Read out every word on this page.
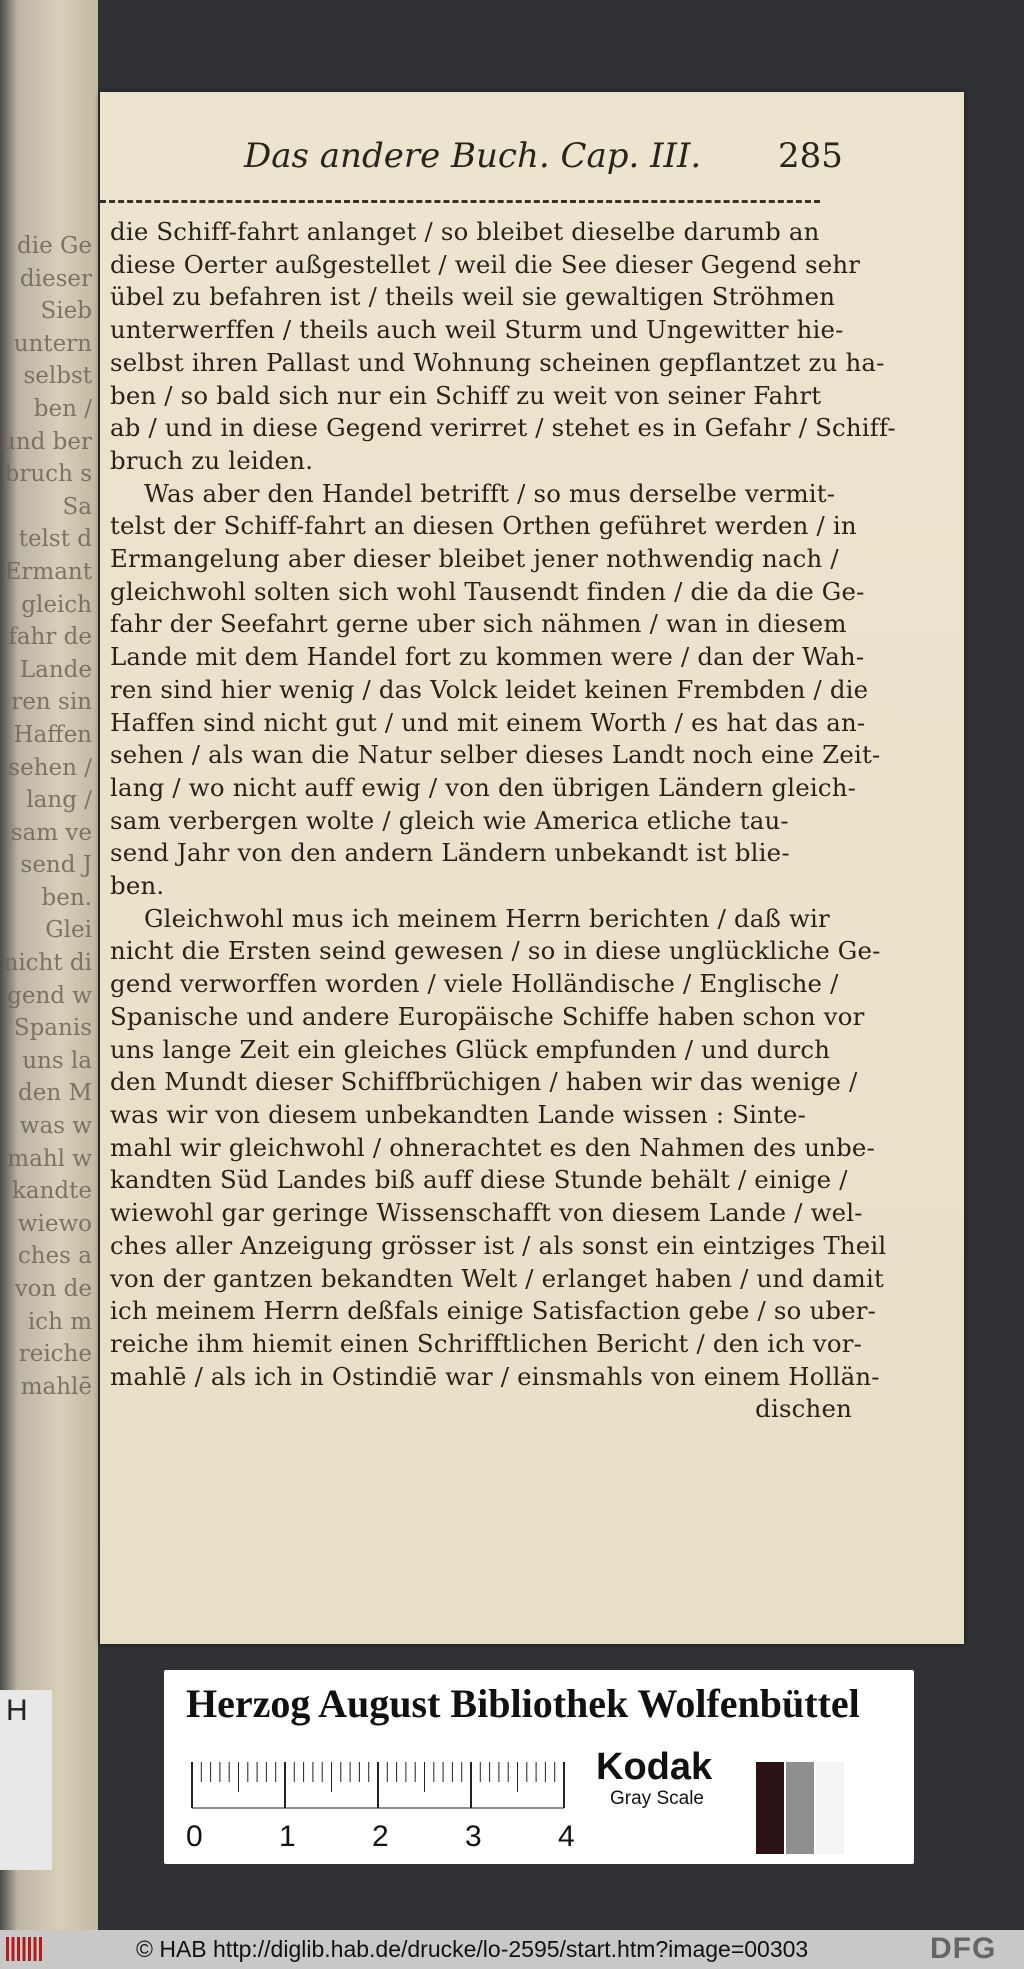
die Ge
dieser
Sieb
untern
selbst
ben /
und ber
bruch s
Sa
telst d
Ermant
gleich
fahr de
Lande
ren sin
Haffen
sehen /
lang /
sam ve
send J
ben.
Glei
nicht di
gend w
Spanis
uns la
den M
was w
mahl w
kandte
wiewo
ches a
von de
ich m
reiche
mahlē
H
Das andere Buch. Cap. III. 285
die Schiff-fahrt anlanget / so bleibet dieselbe darumb an
diese Oerter außgestellet / weil die See dieser Gegend sehr
übel zu befahren ist / theils weil sie gewaltigen Ströhmen
unterwerffen / theils auch weil Sturm und Ungewitter hie-
selbst ihren Pallast und Wohnung scheinen gepflantzet zu ha-
ben / so bald sich nur ein Schiff zu weit von seiner Fahrt
ab / und in diese Gegend verirret / stehet es in Gefahr / Schiff-
bruch zu leiden.
Was aber den Handel betrifft / so mus derselbe vermit-
telst der Schiff-fahrt an diesen Orthen geführet werden / in
Ermangelung aber dieser bleibet jener nothwendig nach /
gleichwohl solten sich wohl Tausendt finden / die da die Ge-
fahr der Seefahrt gerne uber sich nähmen / wan in diesem
Lande mit dem Handel fort zu kommen were / dan der Wah-
ren sind hier wenig / das Volck leidet keinen Frembden / die
Haffen sind nicht gut / und mit einem Worth / es hat das an-
sehen / als wan die Natur selber dieses Landt noch eine Zeit-
lang / wo nicht auff ewig / von den übrigen Ländern gleich-
sam verbergen wolte / gleich wie America etliche tau-
send Jahr von den andern Ländern unbekandt ist blie-
ben.
Gleichwohl mus ich meinem Herrn berichten / daß wir
nicht die Ersten seind gewesen / so in diese unglückliche Ge-
gend verworffen worden / viele Holländische / Englische /
Spanische und andere Europäische Schiffe haben schon vor
uns lange Zeit ein gleiches Glück empfunden / und durch
den Mundt dieser Schiffbrüchigen / haben wir das wenige /
was wir von diesem unbekandten Lande wissen : Sinte-
mahl wir gleichwohl / ohnerachtet es den Nahmen des unbe-
kandten Süd Landes biß auff diese Stunde behält / einige /
wiewohl gar geringe Wissenschafft von diesem Lande / wel-
ches aller Anzeigung grösser ist / als sonst ein eintziges Theil
von der gantzen bekandten Welt / erlanget haben / und damit
ich meinem Herrn deßfals einige Satisfaction gebe / so uber-
reiche ihm hiemit einen Schrifftlichen Bericht / den ich vor-
mahlē / als ich in Ostindiē war / einsmahls von einem Hollän-
dischen
Herzog August Bibliothek Wolfenbüttel
0	1	2	3	4
Kodak
Gray Scale
© HAB http://diglib.hab.de/drucke/lo-2595/start.htm?image=00303	DFG
